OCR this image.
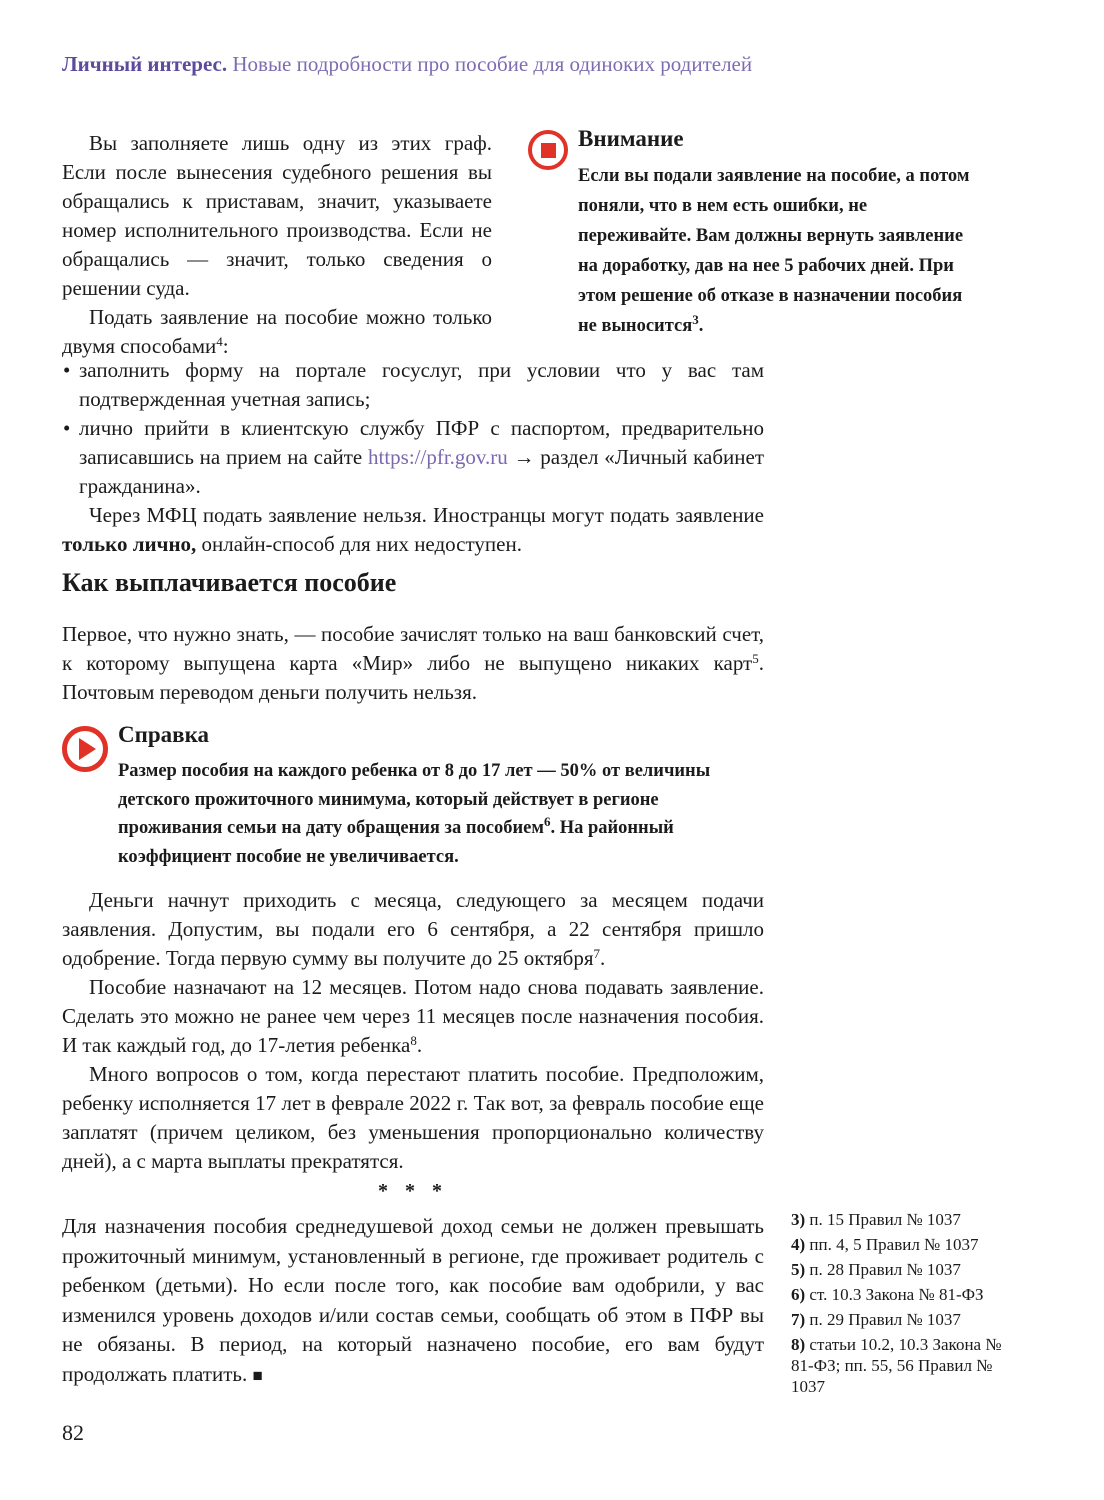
Личный интерес. Новые подробности про пособие для одиноких родителей

Вы заполняете лишь одну из этих граф. Если после вынесения судебного решения вы обращались к приставам, значит, указываете номер исполнительного производства. Если не обращались — значит, только сведения о решении суда.

Подать заявление на пособие можно только двумя способами$^4$:

Внимание
Если вы подали заявление на пособие, а потом поняли, что в нем есть ошибки, не переживайте. Вам должны вернуть заявление на доработку, дав на нее 5 рабочих дней. При этом решение об отказе в назначении пособия не выносится$^3$.
• заполнить форму на портале госуслуг, при условии что у вас там подтвержденная учетная запись;
• лично прийти в клиентскую службу ПФР с паспортом, предварительно записавшись на прием на сайте https://pfr.gov.ru → раздел «Личный кабинет гражданина».

Через МФЦ подать заявление нельзя. Иностранцы могут подать заявление только лично, онлайн-способ для них недоступен.

Как выплачивается пособие

Первое, что нужно знать, — пособие зачислят только на ваш банковский счет, к которому выпущена карта «Мир» либо не выпущено никаких карт$^5$. Почтовым переводом деньги получить нельзя.

Справка
Размер пособия на каждого ребенка от 8 до 17 лет — 50% от величины детского прожиточного минимума, который действует в регионе проживания семьи на дату обращения за пособием$^6$. На районный коэффициент пособие не увеличивается.

Деньги начнут приходить с месяца, следующего за месяцем подачи заявления. Допустим, вы подали его 6 сентября, а 22 сентября пришло одобрение. Тогда первую сумму вы получите до 25 октября$^7$.

Пособие назначают на 12 месяцев. Потом надо снова подавать заявление. Сделать это можно не ранее чем через 11 месяцев после назначения пособия. И так каждый год, до 17-летия ребенка$^8$.

Много вопросов о том, когда перестают платить пособие. Предположим, ребенку исполняется 17 лет в феврале 2022 г. Так вот, за февраль пособие еще заплатят (причем целиком, без уменьшения пропорционально количеству дней), а с марта выплаты прекратятся.

* * *

Для назначения пособия среднедушевой доход семьи не должен превышать прожиточный минимум, установленный в регионе, где проживает родитель с ребенком (детьми). Но если после того, как пособие вам одобрили, у вас изменился уровень доходов и/или состав семьи, сообщать об этом в ПФР вы не обязаны. В период, на который назначено пособие, его вам будут продолжать платить. ■

3) п. 15 Правил № 1037
4) пп. 4, 5 Правил № 1037
5) п. 28 Правил № 1037
6) ст. 10.3 Закона № 81-ФЗ
7) п. 29 Правил № 1037
8) статьи 10.2, 10.3 Закона № 81-ФЗ; пп. 55, 56 Правил № 1037
82
